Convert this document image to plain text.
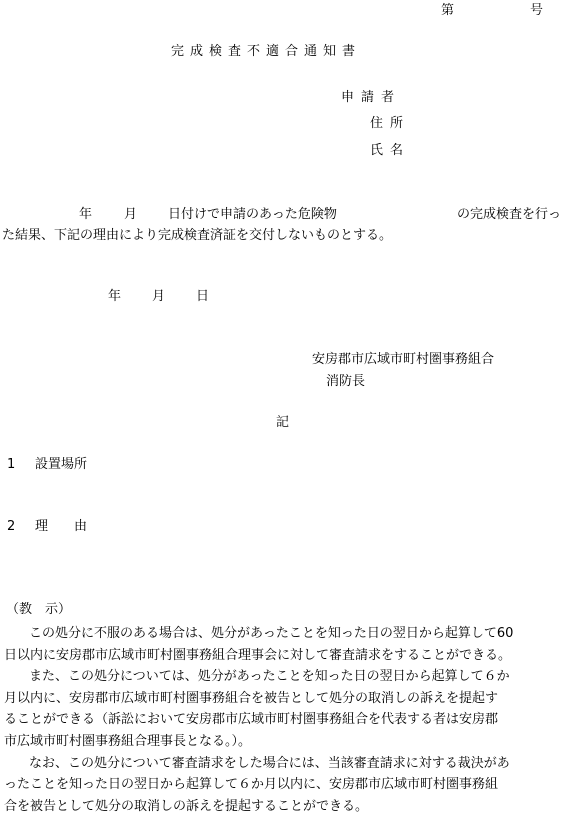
第	号
完成検査不適合通知書
申請者
住所
氏名
年 月 日付けで申請のあった危険物	の完成検査を行っ
た結果、下記の理由により完成検査済証を交付しないものとする。
年 月 日
安房郡市広域市町村圏事務組合
消防長
記
1 設置場所
2 理　　由
（教　示）
　この処分に不服のある場合は、処分があったことを知った日の翌日から起算して60
日以内に安房郡市広域市町村圏事務組合理事会に対して審査請求をすることができる。
　また、この処分については、処分があったことを知った日の翌日から起算して６か
月以内に、安房郡市広域市町村圏事務組合を被告として処分の取消しの訴えを提起す
ることができる（訴訟において安房郡市広域市町村圏事務組合を代表する者は安房郡
市広域市町村圏事務組合理事長となる。）。
　なお、この処分について審査請求をした場合には、当該審査請求に対する裁決があ
ったことを知った日の翌日から起算して６か月以内に、安房郡市広域市町村圏事務組
合を被告として処分の取消しの訴えを提起することができる。
